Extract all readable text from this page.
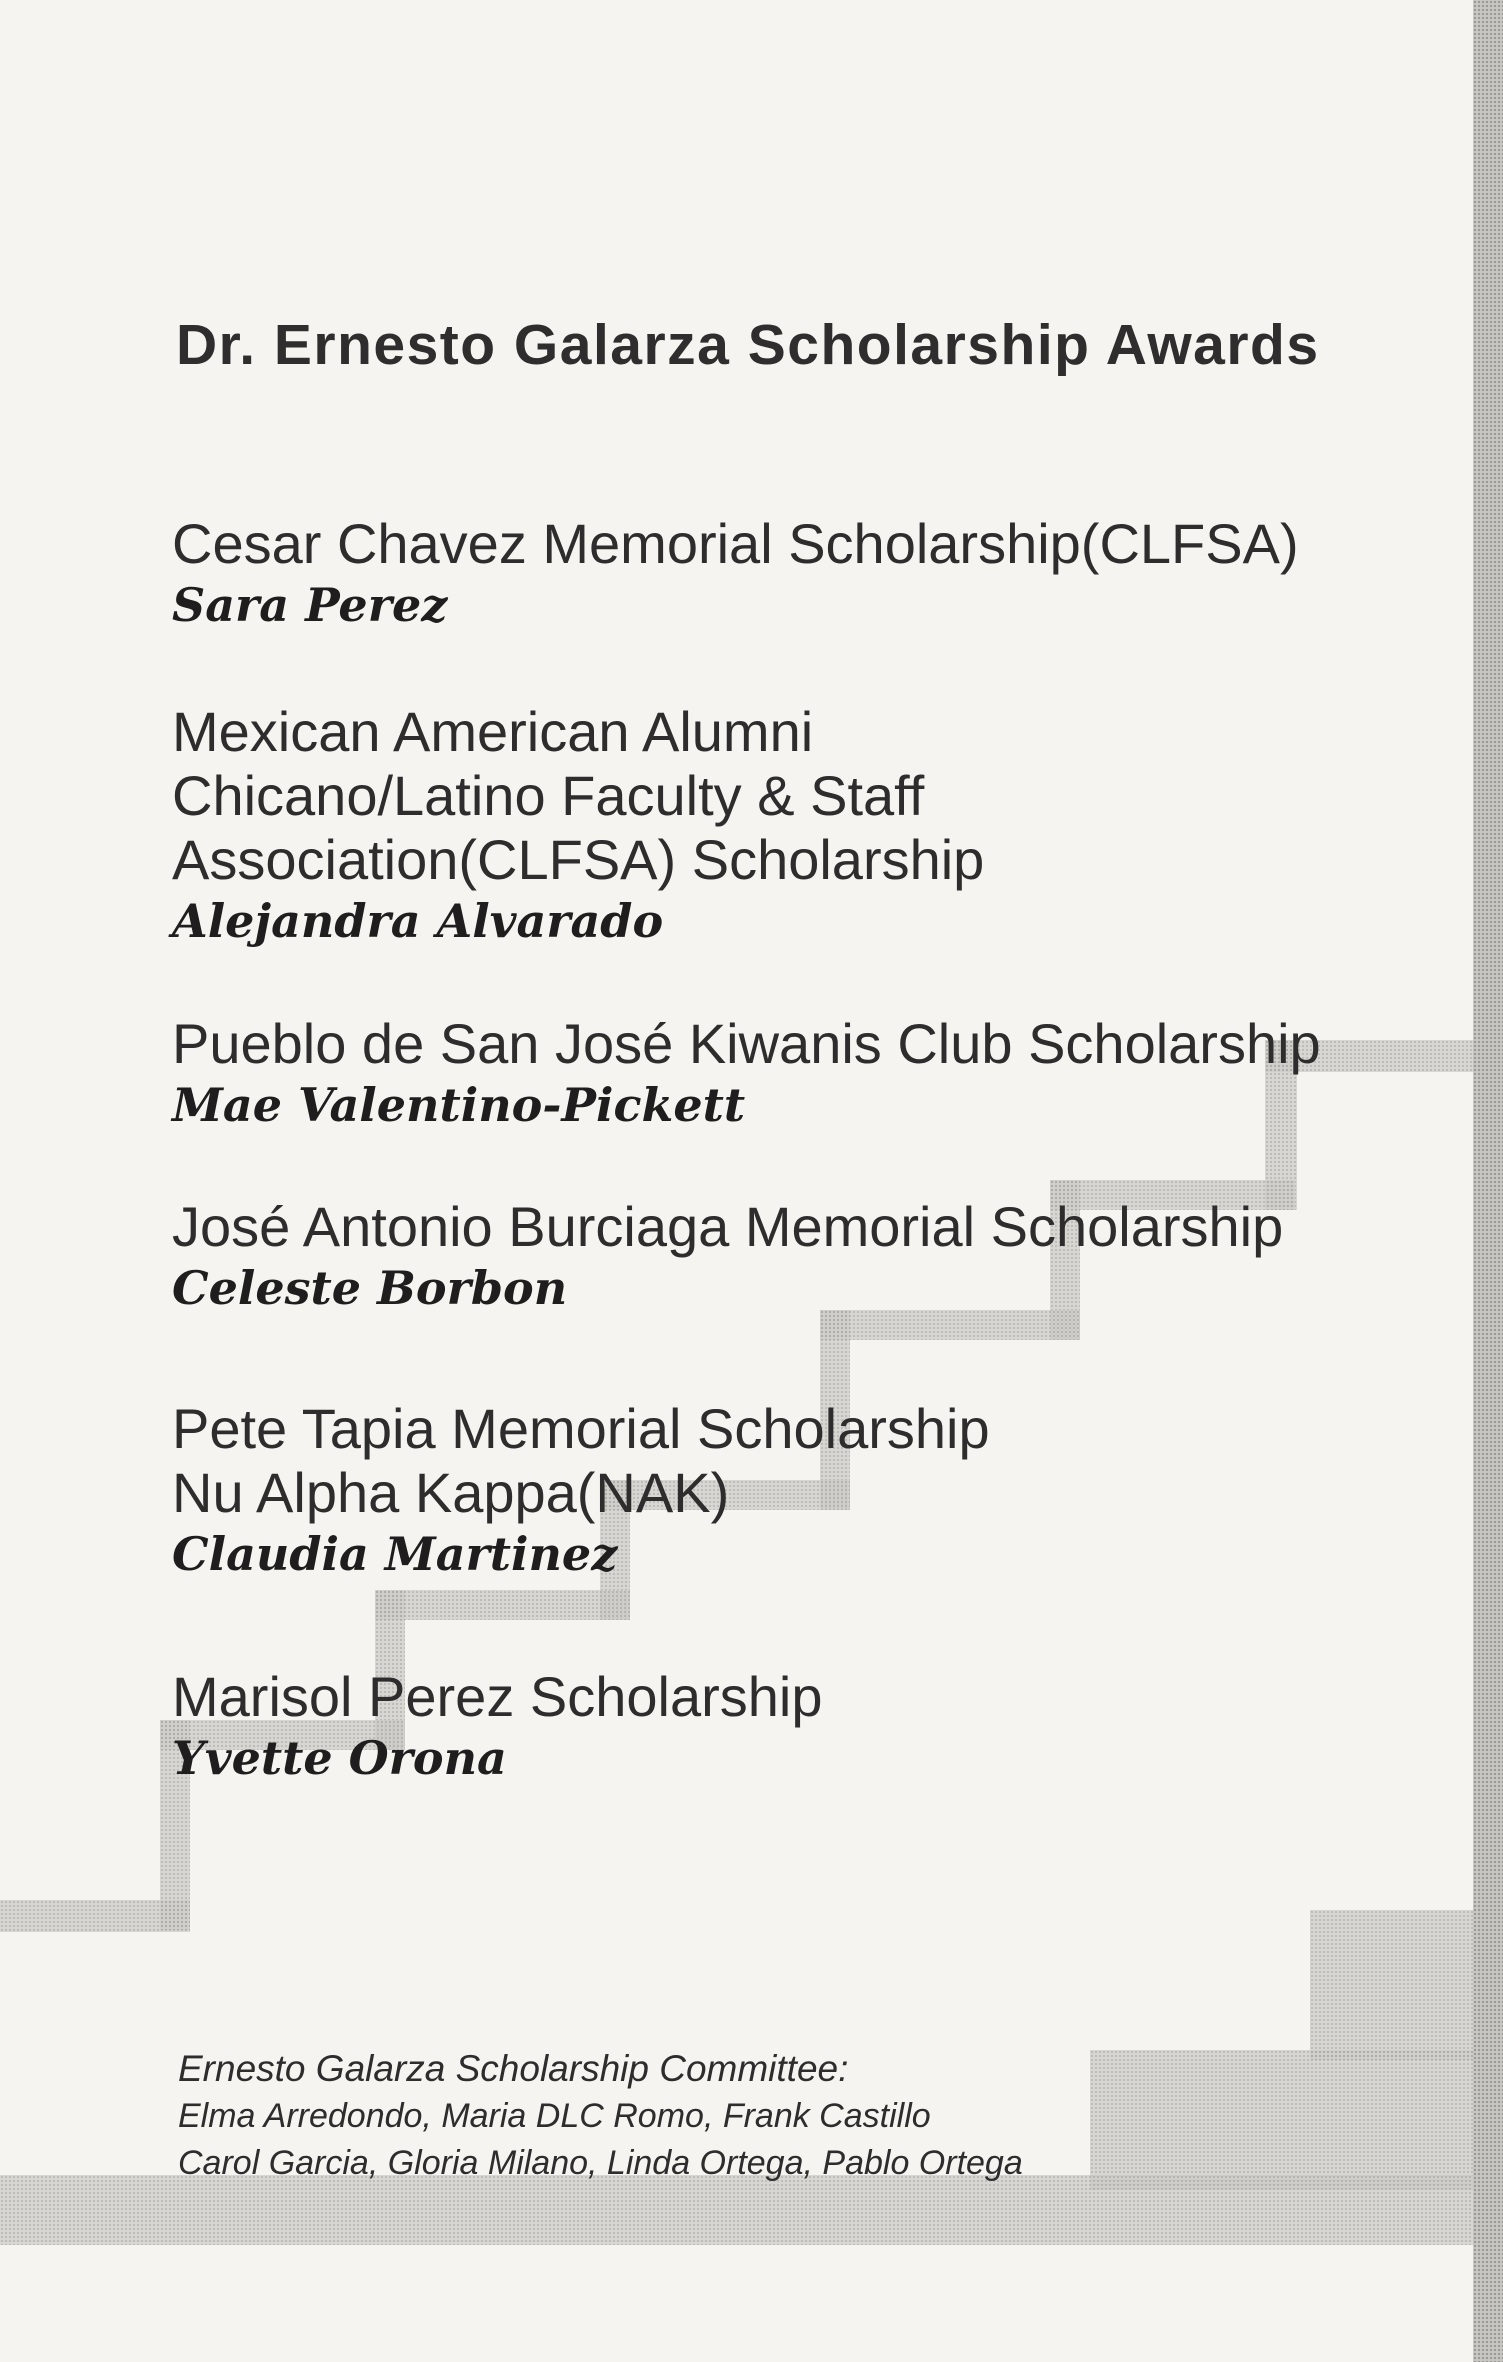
Dr. Ernesto Galarza Scholarship Awards
Cesar Chavez Memorial Scholarship(CLFSA)
Sara Perez
Mexican American Alumni
Chicano/Latino Faculty & Staff
Association(CLFSA) Scholarship
Alejandra Alvarado
Pueblo de San José Kiwanis Club Scholarship
Mae Valentino-Pickett
José Antonio Burciaga Memorial Scholarship
Celeste Borbon
Pete Tapia Memorial Scholarship
Nu Alpha Kappa(NAK)
Claudia Martinez
Marisol Perez Scholarship
Yvette Orona
Ernesto Galarza Scholarship Committee:
Elma Arredondo, Maria DLC Romo, Frank Castillo
Carol Garcia, Gloria Milano, Linda Ortega, Pablo Ortega
